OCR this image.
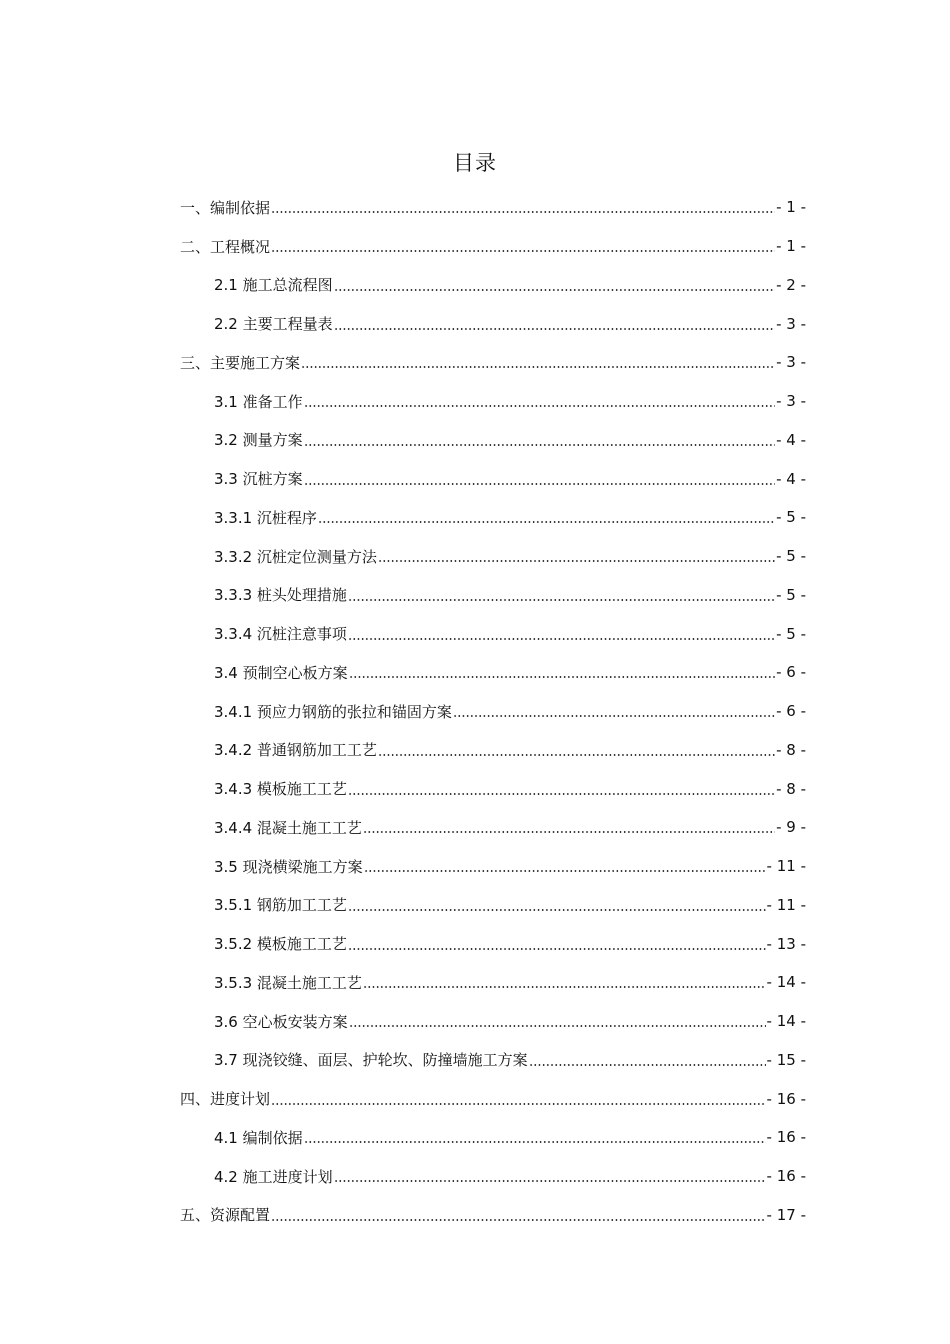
目录
一、编制依据	- 1 -
二、工程概况	- 1 -
2.1 施工总流程图	- 2 -
2.2 主要工程量表	- 3 -
三、主要施工方案	- 3 -
3.1 准备工作	- 3 -
3.2 测量方案	- 4 -
3.3 沉桩方案	- 4 -
3.3.1 沉桩程序	- 5 -
3.3.2 沉桩定位测量方法	- 5 -
3.3.3 桩头处理措施	- 5 -
3.3.4 沉桩注意事项	- 5 -
3.4 预制空心板方案	- 6 -
3.4.1 预应力钢筋的张拉和锚固方案	- 6 -
3.4.2 普通钢筋加工工艺	- 8 -
3.4.3 模板施工工艺	- 8 -
3.4.4 混凝土施工工艺	- 9 -
3.5 现浇横梁施工方案	- 11 -
3.5.1 钢筋加工工艺	- 11 -
3.5.2 模板施工工艺	- 13 -
3.5.3 混凝土施工工艺	- 14 -
3.6 空心板安装方案	- 14 -
3.7 现浇铰缝、面层、护轮坎、防撞墙施工方案	- 15 -
四、进度计划	- 16 -
4.1 编制依据	- 16 -
4.2 施工进度计划	- 16 -
五、资源配置	- 17 -
